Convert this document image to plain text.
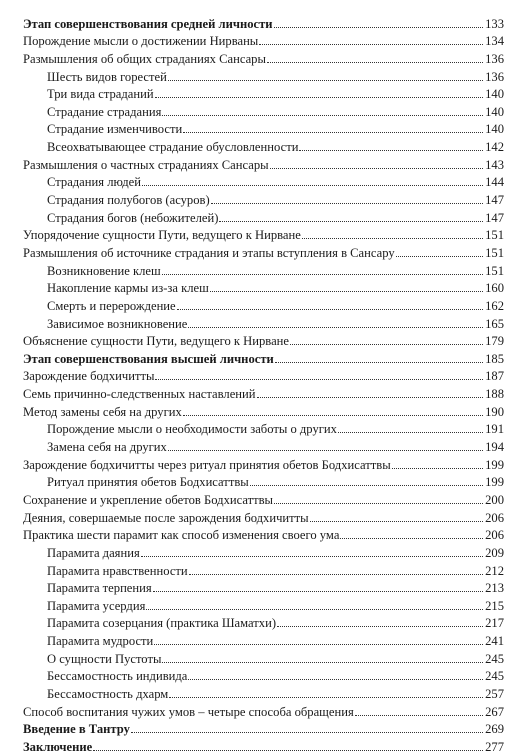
Этап совершенствования средней личности	133
Порождение мысли о достижении Нирваны	134
Размышления об общих страданиях Сансары	136
Шесть видов горестей	136
Три вида страданий	140
Страдание страдания	140
Страдание изменчивости	140
Всеохватывающее страдание обусловленности	142
Размышления о частных страданиях Сансары	143
Страдания людей	144
Страдания полубогов (асуров)	147
Страдания богов (небожителей)	147
Упорядочение сущности Пути, ведущего к Нирване	151
Размышления об источнике страдания и этапы вступления в Сансару	151
Возникновение клеш	151
Накопление кармы из-за клеш	160
Смерть и перерождение	162
Зависимое возникновение	165
Объяснение сущности Пути, ведущего к Нирване	179
Этап совершенствования высшей личности	185
Зарождение бодхичитты	187
Семь причинно-следственных наставлений	188
Метод замены себя на других	190
Порождение мысли о необходимости заботы о других	191
Замена себя на других	194
Зарождение бодхичитты через ритуал принятия обетов Бодхисаттвы	199
Ритуал принятия обетов Бодхисаттвы	199
Сохранение и укрепление обетов Бодхисаттвы	200
Деяния, совершаемые после зарождения бодхичитты	206
Практика шести парамит как способ изменения своего ума	206
Парамита даяния	209
Парамита нравственности	212
Парамита терпения	213
Парамита усердия	215
Парамита созерцания (практика Шаматхи)	217
Парамита мудрости	241
О сущности Пустоты	245
Бессамостность индивида	245
Бессамостность дхарм	257
Способ воспитания чужих умов – четыре способа обращения	267
Введение в Тантру	269
Заключение	277
